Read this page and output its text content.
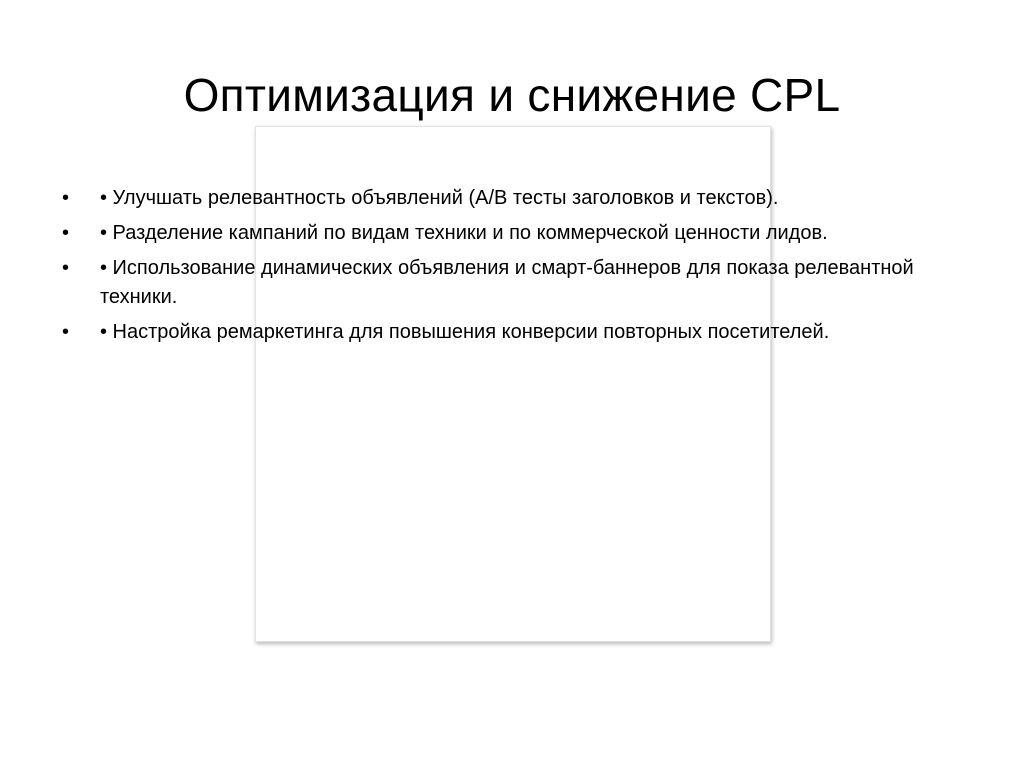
Оптимизация и снижение CPL
•	• Улучшать релевантность объявлений (A/B тесты заголовков и текстов).
•	• Разделение кампаний по видам техники и по коммерческой ценности лидов.
•	• Использование динамических объявления и смарт-баннеров для показа релевантной техники.
•	• Настройка ремаркетинга для повышения конверсии повторных посетителей.
